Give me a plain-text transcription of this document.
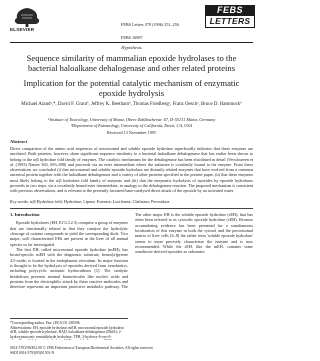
ELSEVIER
FEBS Letters 378 (1996) 251–256
FEBS 16987
FEBS
LETTERS
Hypothesis
Sequence similarity of mammalian epoxide hydrolases to the bacterial haloalkane dehalogenase and other related proteins
Implication for the potential catalytic mechanism of enzymatic epoxide hydrolysis
Michael Arandᵃ,*, David F. Grantᵇ, Jeffrey K. Beethamᵇ, Thomas Friedbergᵃ, Franz Oeschᵃ, Bruce D. Hammockᵇ
ᵃInstitute of Toxicology, University of Mainz, Obere Zahlbacherstr. 67, D-55131 Mainz, Germany
ᵇDepartment of Entomology, University of California, Davis, CA, USA
Received 13 November 1995
Abstract
Direct comparison of the amino acid sequences of microsomal and soluble epoxide hydrolase superficially indicates that these enzymes are unrelated. Both proteins, however, share significant sequence similarity to a bacterial haloalkane dehalogenase that has earlier been shown to belong to the α/β hydrolase fold family of enzymes. The catalytic mechanism for the dehalogenase has been elucidated in detail (Verschueren et al. (1993) Nature 363, 693–698) and proceeds via an ester intermediate where the substrate is covalently bound to the enzyme. From these observations we concluded (i) that microsomal and soluble epoxide hydrolase are distantly related enzymes that have evolved from a common ancestral protein together with the haloalkane dehalogenase and a variety of other proteins specified in the present paper, (ii) that these enzymes most likely belong to the α/β hydrolase fold family of enzymes and (iii) that the enzymatic hydrolysis of epoxides by epoxide hydrolases proceeds in two steps, via a covalently bound ester intermediate, in analogy to the dehalogenase reaction. The proposed mechanism is consistent with previous observations, and is relevant to the presently favoured base-catalysed direct attack of the epoxide by an activated water.
Key words: α/β Hydrolase fold; Hydrolase; Lipase; Esterase; Luciferase; Chelatase; Peroxidase
1. Introduction

Epoxide hydrolases (EH, EC3.3.2.3) comprise a group of enzymes that are functionally related in that they catalyze the hydrolytic cleavage of oxirane compounds to yield the corresponding diols. Two major, well characterized EHs are present in the liver of all animal species so far investigated.

The first EH, called microsomal epoxide hydrolase (mEH), has broad-specific mEH with the diagnostic substrate, benzo[a]pyrene 4,5-oxide, is located in the endoplasmic reticulum. Its major function is thought to be the hydrolysis of epoxides derived from xenobiotics, including polycyclic aromatic hydrocarbons [1]. The catalytic breakdown prevents neurnal biomolecules like nucleic acids and proteins from the electrophilic attack by these reactive molecules and therefore represents an important protective metabolic pathway. The

The other major EH is the soluble epoxide hydrolase (sEH), that has often been referred to as cytosolic epoxide hydrolase (cEH). Because accumulating evidence has been presented for a simultaneous localization of this enzyme in both the cytosol and the peroxisomal matrix of liver cells [6–8] the rather term 'soluble epoxide hydrolase' seems to more precisely characterize the enzyme and is now recommended. While the sEH, like the mEH, contains some xenobiotic-derived epoxides as substrates

*Corresponding author. Fax: (49) 6131 230506

Abbreviations: EH, epoxide hydrolase; mEH, microsomal epoxide hydrolase; sEH, soluble epoxide hydrolase; HAD, haloalkane dehalogenase (DhlA); 2-hydroxymuconic semialdehyde hydrolase; TPH, 2-hydroxy-6-oxo-6-

0014-5793/96/$12.00 © 1996 Federation of European Biochemical Societies. All rights reserved.
SSDI 0014-5793(95)01501-N
